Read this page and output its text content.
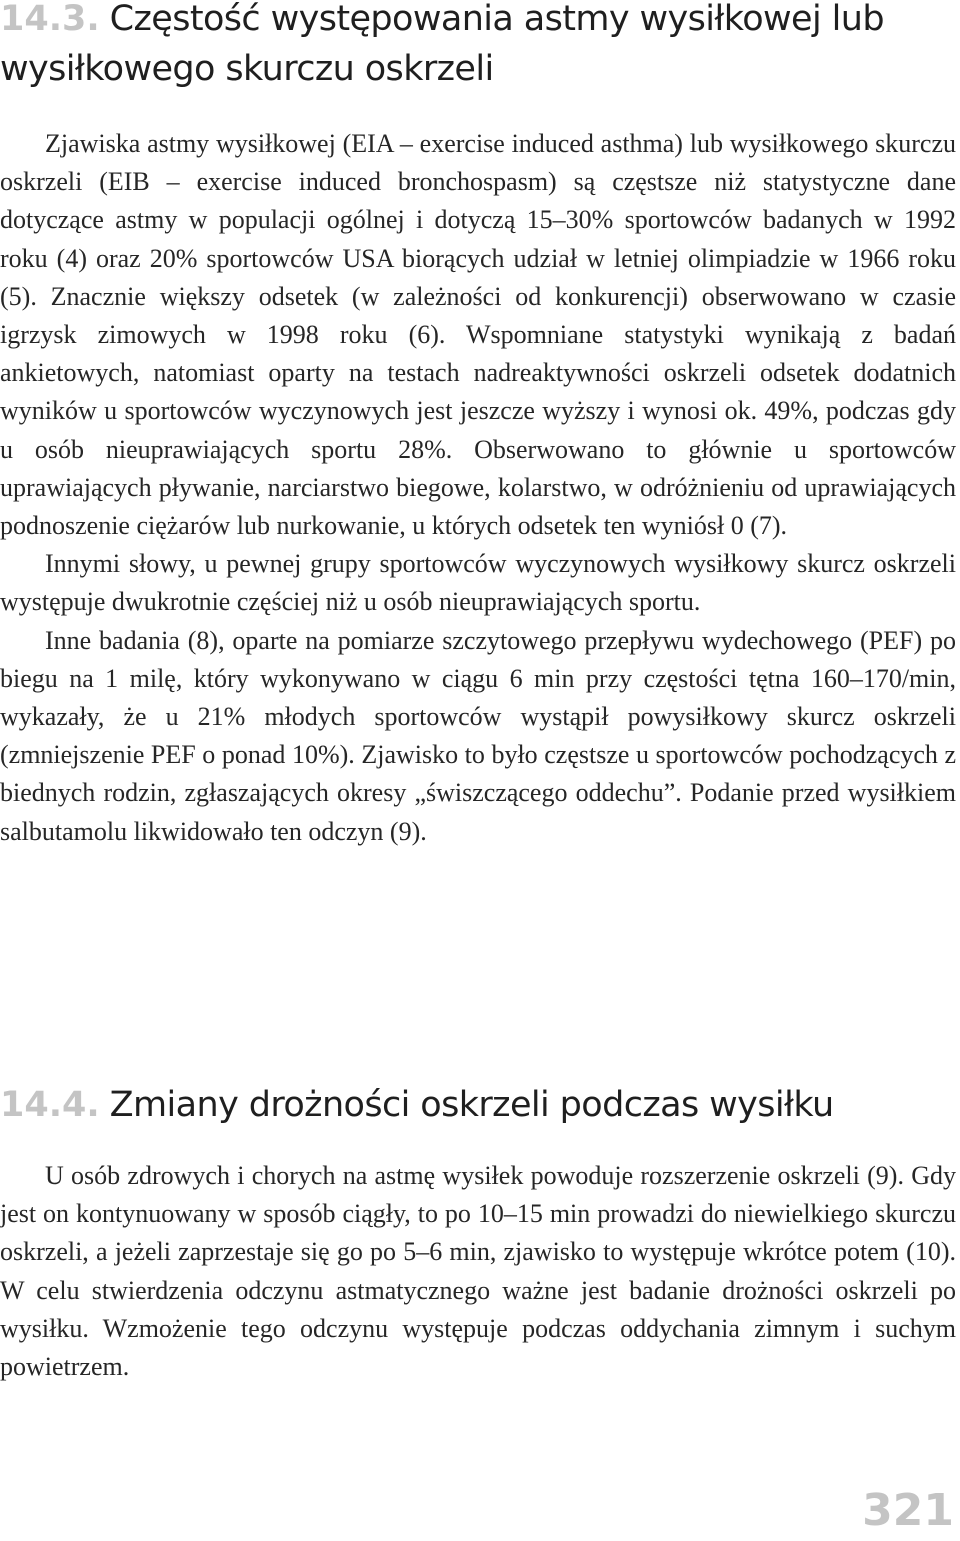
14.3. Częstość występowania astmy wysiłkowej lub wysiłkowego skurczu oskrzeli

Zjawiska astmy wysiłkowej (EIA – exercise induced asthma) lub wysiłkowego skurczu oskrzeli (EIB – exercise induced bronchospasm) są częstsze niż statystyczne dane dotyczące astmy w populacji ogólnej i dotyczą 15–30% sportowców badanych w 1992 roku (4) oraz 20% sportowców USA biorących udział w letniej olimpiadzie w 1966 roku (5). Znacznie większy odsetek (w zależności od konkurencji) obserwowano w czasie igrzysk zimowych w 1998 roku (6). Wspomniane statystyki wynikają z badań ankietowych, natomiast oparty na testach nadreaktywności oskrzeli odsetek dodatnich wyników u sportowców wyczynowych jest jeszcze wyższy i wynosi ok. 49%, podczas gdy u osób nieuprawiających sportu 28%. Obserwowano to głównie u sportowców uprawiających pływanie, narciarstwo biegowe, kolarstwo, w odróżnieniu od uprawiających podnoszenie ciężarów lub nurkowanie, u których odsetek ten wyniósł 0 (7).

Innymi słowy, u pewnej grupy sportowców wyczynowych wysiłkowy skurcz oskrzeli występuje dwukrotnie częściej niż u osób nieuprawiających sportu.

Inne badania (8), oparte na pomiarze szczytowego przepływu wydechowego (PEF) po biegu na 1 milę, który wykonywano w ciągu 6 min przy częstości tętna 160–170/min, wykazały, że u 21% młodych sportowców wystąpił powysiłkowy skurcz oskrzeli (zmniejszenie PEF o ponad 10%). Zjawisko to było częstsze u sportowców pochodzących z biednych rodzin, zgłaszających okresy „świszczącego oddechu”. Podanie przed wysiłkiem salbutamolu likwidowało ten odczyn (9).

14.4. Zmiany drożności oskrzeli podczas wysiłku

U osób zdrowych i chorych na astmę wysiłek powoduje rozszerzenie oskrzeli (9). Gdy jest on kontynuowany w sposób ciągły, to po 10–15 min prowadzi do niewielkiego skurczu oskrzeli, a jeżeli zaprzestaje się go po 5–6 min, zjawisko to występuje wkrótce potem (10). W celu stwierdzenia odczynu astmatycznego ważne jest badanie drożności oskrzeli po wysiłku. Wzmożenie tego odczynu występuje podczas oddychania zimnym i suchym powietrzem.

321
